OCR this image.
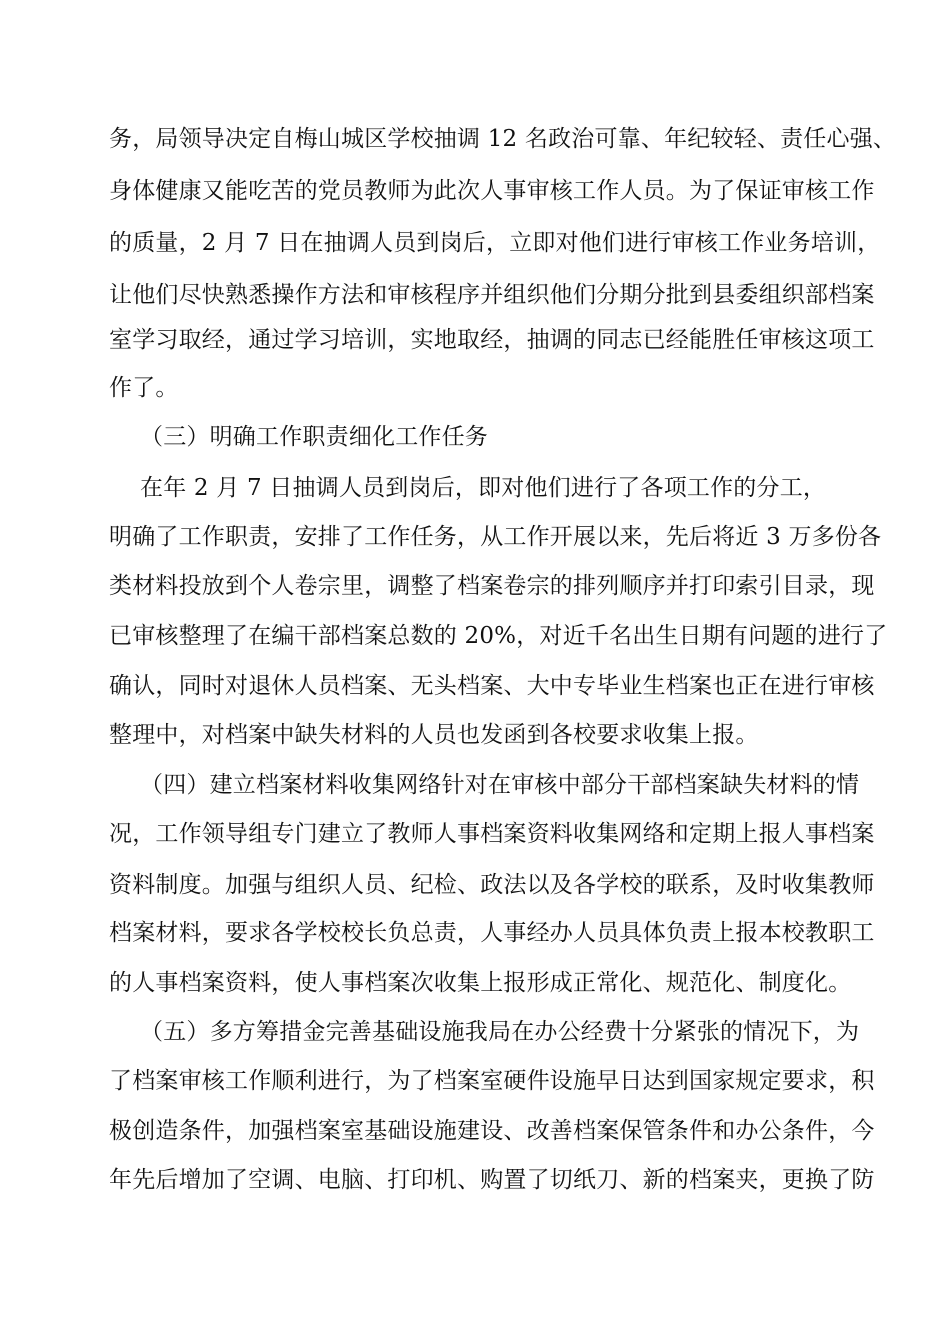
务，局领导决定自梅山城区学校抽调 12 名政治可靠、年纪较轻、责任心强、
身体健康又能吃苦的党员教师为此次人事审核工作人员。为了保证审核工作
的质量，2 月 7 日在抽调人员到岗后，立即对他们进行审核工作业务培训，
让他们尽快熟悉操作方法和审核程序并组织他们分期分批到县委组织部档案
室学习取经，通过学习培训，实地取经，抽调的同志已经能胜任审核这项工
作了。
（三）明确工作职责细化工作任务
在年 2 月 7 日抽调人员到岗后，即对他们进行了各项工作的分工，
明确了工作职责，安排了工作任务，从工作开展以来，先后将近 3 万多份各
类材料投放到个人卷宗里，调整了档案卷宗的排列顺序并打印索引目录，现
已审核整理了在编干部档案总数的 20%，对近千名出生日期有问题的进行了
确认，同时对退休人员档案、无头档案、大中专毕业生档案也正在进行审核
整理中，对档案中缺失材料的人员也发函到各校要求收集上报。
（四）建立档案材料收集网络针对在审核中部分干部档案缺失材料的情
况，工作领导组专门建立了教师人事档案资料收集网络和定期上报人事档案
资料制度。加强与组织人员、纪检、政法以及各学校的联系，及时收集教师
档案材料，要求各学校校长负总责，人事经办人员具体负责上报本校教职工
的人事档案资料，使人事档案次收集上报形成正常化、规范化、制度化。
（五）多方筹措金完善基础设施我局在办公经费十分紧张的情况下，为
了档案审核工作顺利进行，为了档案室硬件设施早日达到国家规定要求，积
极创造条件，加强档案室基础设施建设、改善档案保管条件和办公条件，今
年先后增加了空调、电脑、打印机、购置了切纸刀、新的档案夹，更换了防
